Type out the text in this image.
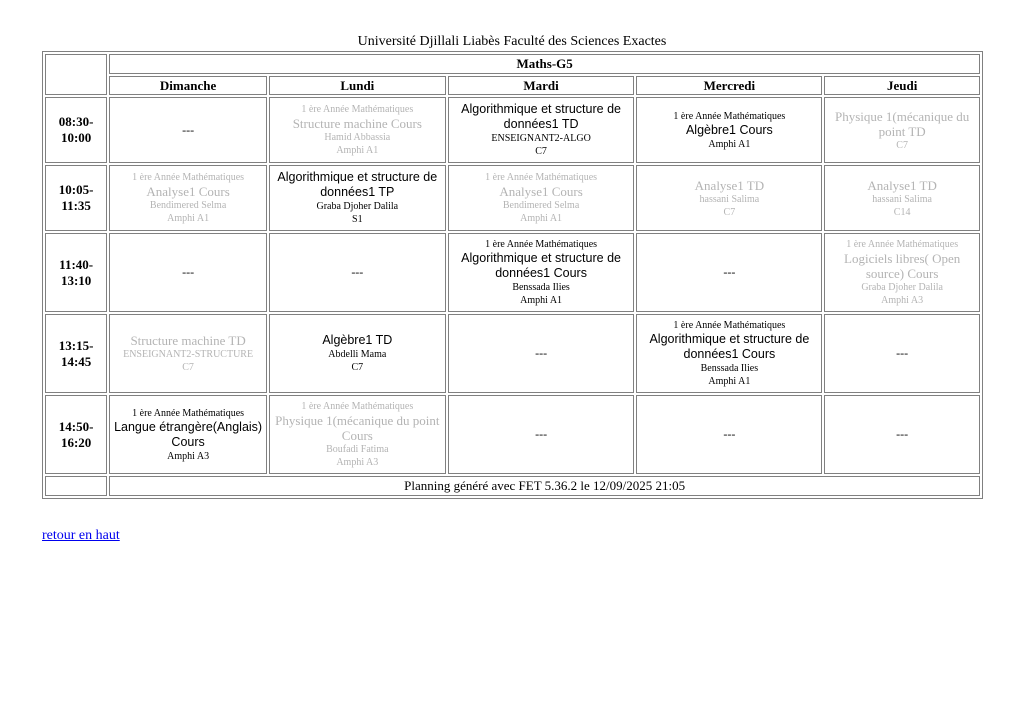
Université Djillali Liabès Faculté des Sciences Exactes
	Maths-G5				
	Dimanche	Lundi	Mardi	Mercredi	Jeudi

08:30-
10:00	---	1 ère Année Mathématiques
Structure machine Cours
Hamid Abbassia
Amphi A1	Algorithmique et structure de données1 TD
ENSEIGNANT2-ALGO
C7	1 ère Année Mathématiques
Algèbre1 Cours
Amphi A1	Physique 1(mécanique du point TD
C7

10:05-
11:35	1 ère Année Mathématiques
Analyse1 Cours
Bendimered Selma
Amphi A1	Algorithmique et structure de données1 TP
Graba Djoher Dalila
S1	1 ère Année Mathématiques
Analyse1 Cours
Bendimered Selma
Amphi A1	Analyse1 TD
hassani Salima
C7	Analyse1 TD
hassani Salima
C14

11:40-
13:10	---	---	1 ère Année Mathématiques
Algorithmique et structure de données1 Cours
Benssada Ilies
Amphi A1	---	1 ère Année Mathématiques
Logiciels libres( Open source) Cours
Graba Djoher Dalila
Amphi A3

13:15-
14:45	Structure machine TD
ENSEIGNANT2-STRUCTURE
C7	Algèbre1 TD
Abdelli Mama
C7	---	1 ère Année Mathématiques
Algorithmique et structure de données1 Cours
Benssada Ilies
Amphi A1	---

14:50-
16:20	1 ère Année Mathématiques
Langue étrangère(Anglais) Cours
Amphi A3	1 ère Année Mathématiques
Physique 1(mécanique du point Cours
Boufadi Fatima
Amphi A3	---	---	---
	Planning généré avec FET 5.36.2 le 12/09/2025 21:05				
retour en haut
